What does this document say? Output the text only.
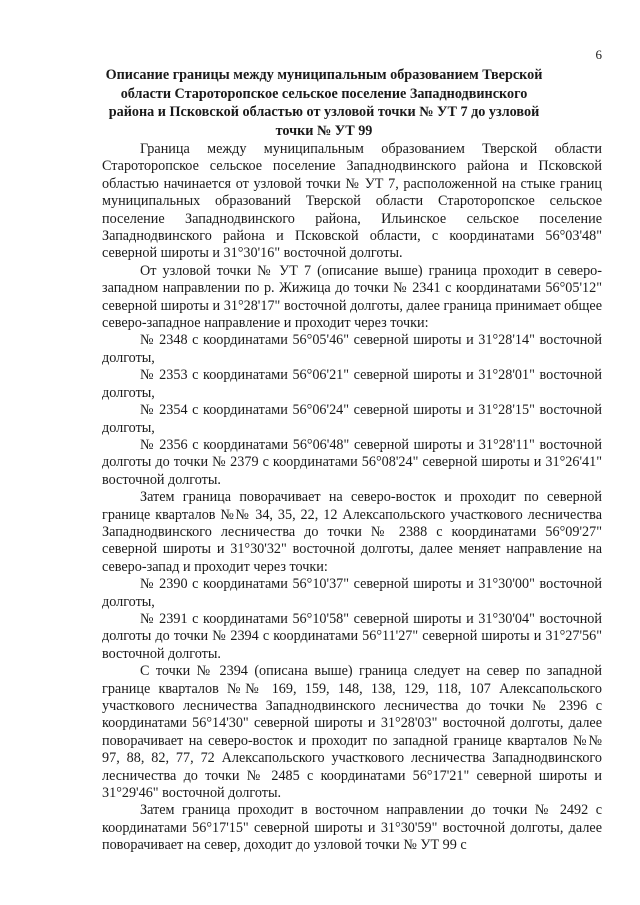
6
Описание границы между муниципальным образованием Тверской области Староторопское сельское поселение Западнодвинского района и Псковской областью от узловой точки № УТ 7 до узловой точки № УТ 99

Граница между муниципальным образованием Тверской области Староторопское сельское поселение Западнодвинского района и Псковской областью начинается от узловой точки № УТ 7, расположенной на стыке границ муниципальных образований Тверской области Староторопское сельское поселение Западнодвинского района, Ильинское сельское поселение Западнодвинского района и Псковской области, с координатами 56°03'48" северной широты и 31°30'16" восточной долготы.

От узловой точки № УТ 7 (описание выше) граница проходит в северо-западном направлении по р. Жижица до точки № 2341 с координатами 56°05'12" северной широты и 31°28'17" восточной долготы, далее граница принимает общее северо-западное направление и проходит через точки:

№ 2348 с координатами 56°05'46" северной широты и 31°28'14" восточной долготы,

№ 2353 с координатами 56°06'21" северной широты и 31°28'01" восточной долготы,

№ 2354 с координатами 56°06'24" северной широты и 31°28'15" восточной долготы,

№ 2356 с координатами 56°06'48" северной широты и 31°28'11" восточной долготы до точки № 2379 с координатами 56°08'24" северной широты и 31°26'41" восточной долготы.

Затем граница поворачивает на северо-восток и проходит по северной границе кварталов №№ 34, 35, 22, 12 Алексапольского участкового лесничества Западнодвинского лесничества до точки № 2388 с координатами 56°09'27" северной широты и 31°30'32" восточной долготы, далее меняет направление на северо-запад и проходит через точки:

№ 2390 с координатами 56°10'37" северной широты и 31°30'00" восточной долготы,

№ 2391 с координатами 56°10'58" северной широты и 31°30'04" восточной долготы до точки № 2394 с координатами 56°11'27" северной широты и 31°27'56" восточной долготы.

С точки № 2394 (описана выше) граница следует на север по западной границе кварталов №№ 169, 159, 148, 138, 129, 118, 107 Алексапольского участкового лесничества Западнодвинского лесничества до точки № 2396 с координатами 56°14'30" северной широты и 31°28'03" восточной долготы, далее поворачивает на северо-восток и проходит по западной границе кварталов №№ 97, 88, 82, 77, 72 Алексапольского участкового лесничества Западнодвинского лесничества до точки № 2485 с координатами 56°17'21" северной широты и 31°29'46" восточной долготы.

Затем граница проходит в восточном направлении до точки № 2492 с координатами 56°17'15" северной широты и 31°30'59" восточной долготы, далее поворачивает на север, доходит до узловой точки № УТ 99 с
